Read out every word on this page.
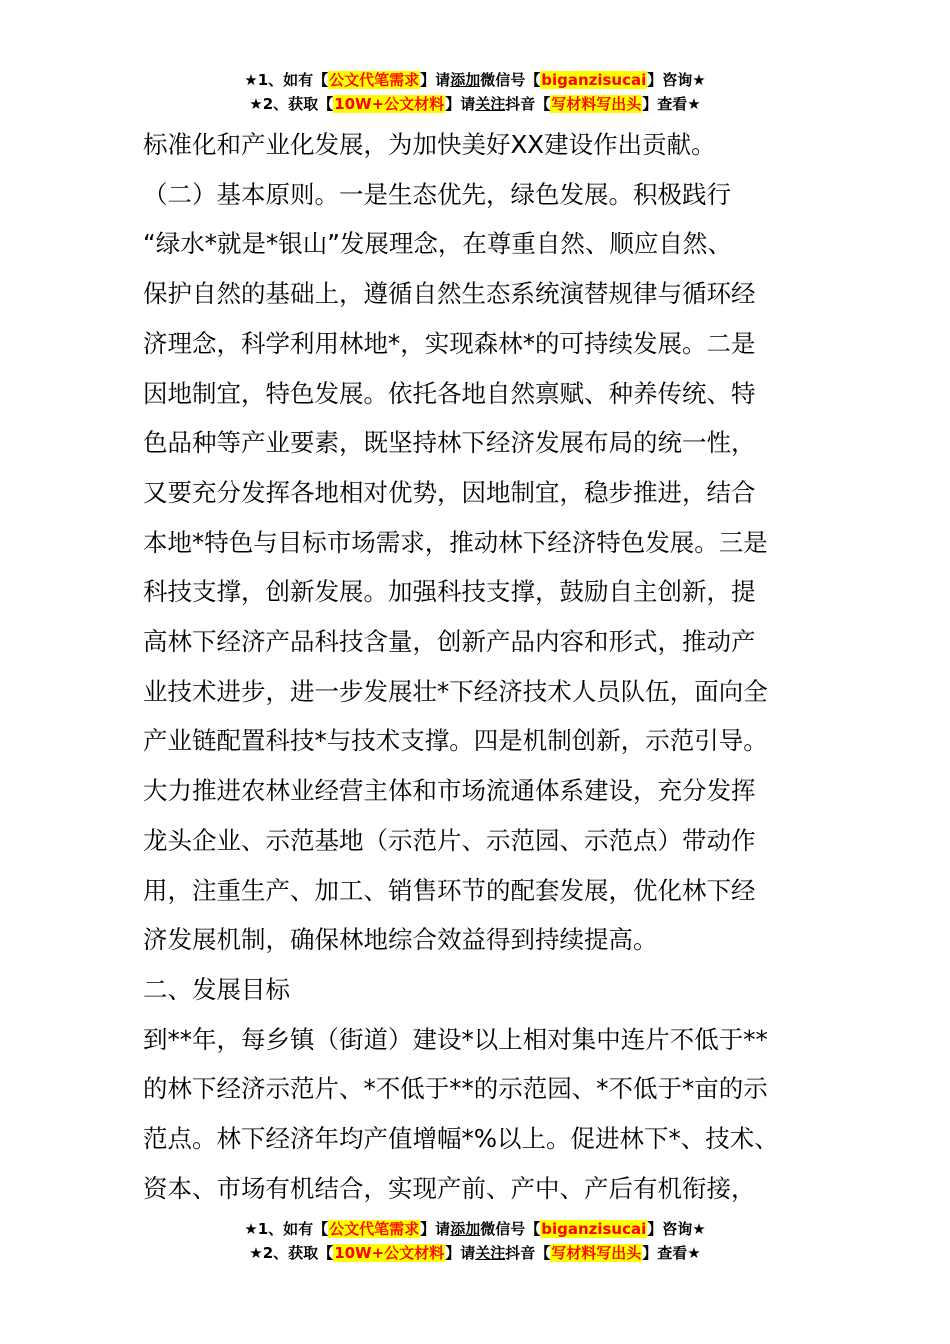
★1、如有【公文代笔需求】请添加微信号【biganzisucai】咨询★
★2、获取【10W+公文材料】请关注抖音【写材料写出头】查看★

标准化和产业化发展，为加快美好XX建设作出贡献。

（二）基本原则。一是生态优先，绿色发展。积极践行

“绿水*就是*银山”发展理念，在尊重自然、顺应自然、

保护自然的基础上，遵循自然生态系统演替规律与循环经

济理念，科学利用林地*，实现森林*的可持续发展。二是

因地制宜，特色发展。依托各地自然禀赋、种养传统、特

色品种等产业要素，既坚持林下经济发展布局的统一性，

又要充分发挥各地相对优势，因地制宜，稳步推进，结合

本地*特色与目标市场需求，推动林下经济特色发展。三是

科技支撑，创新发展。加强科技支撑，鼓励自主创新，提

高林下经济产品科技含量，创新产品内容和形式，推动产

业技术进步，进一步发展壮*下经济技术人员队伍，面向全

产业链配置科技*与技术支撑。四是机制创新，示范引导。

大力推进农林业经营主体和市场流通体系建设，充分发挥

龙头企业、示范基地（示范片、示范园、示范点）带动作

用，注重生产、加工、销售环节的配套发展，优化林下经

济发展机制，确保林地综合效益得到持续提高。

二、发展目标

到**年，每乡镇（街道）建设*以上相对集中连片不低于**

的林下经济示范片、*不低于**的示范园、*不低于*亩的示

范点。林下经济年均产值增幅*%以上。促进林下*、技术、

资本、市场有机结合，实现产前、产中、产后有机衔接，

★1、如有【公文代笔需求】请添加微信号【biganzisucai】咨询★
★2、获取【10W+公文材料】请关注抖音【写材料写出头】查看★
